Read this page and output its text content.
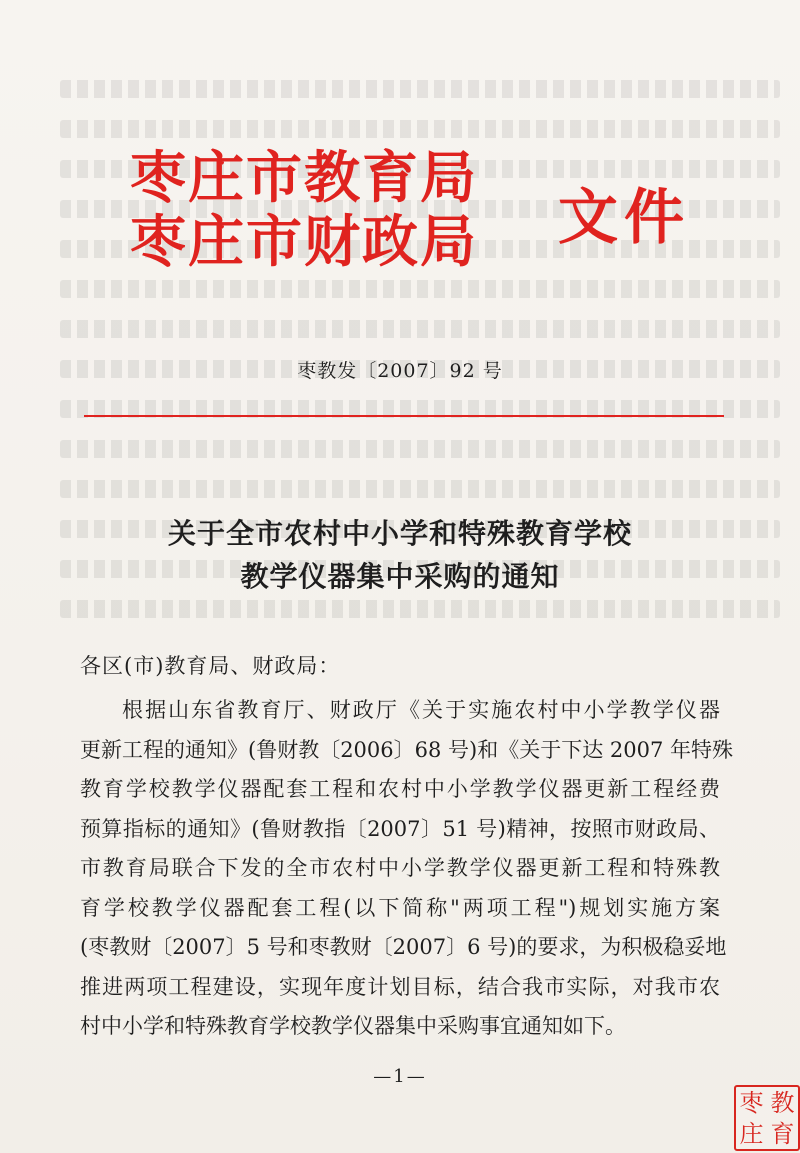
枣庄市教育局
枣庄市财政局 文件
枣教发〔2007〕92 号
关于全市农村中小学和特殊教育学校
教学仪器集中采购的通知
各区(市)教育局、财政局：
根据山东省教育厅、财政厅《关于实施农村中小学教学仪器
更新工程的通知》(鲁财教〔2006〕68 号)和《关于下达 2007 年特殊
教育学校教学仪器配套工程和农村中小学教学仪器更新工程经费
预算指标的通知》(鲁财教指〔2007〕51 号)精神，按照市财政局、
市教育局联合下发的全市农村中小学教学仪器更新工程和特殊教
育学校教学仪器配套工程(以下简称"两项工程")规划实施方案
(枣教财〔2007〕5 号和枣教财〔2007〕6 号)的要求，为积极稳妥地
推进两项工程建设，实现年度计划目标，结合我市实际，对我市农
村中小学和特殊教育学校教学仪器集中采购事宜通知如下。
—1—
枣 教
庄 育
